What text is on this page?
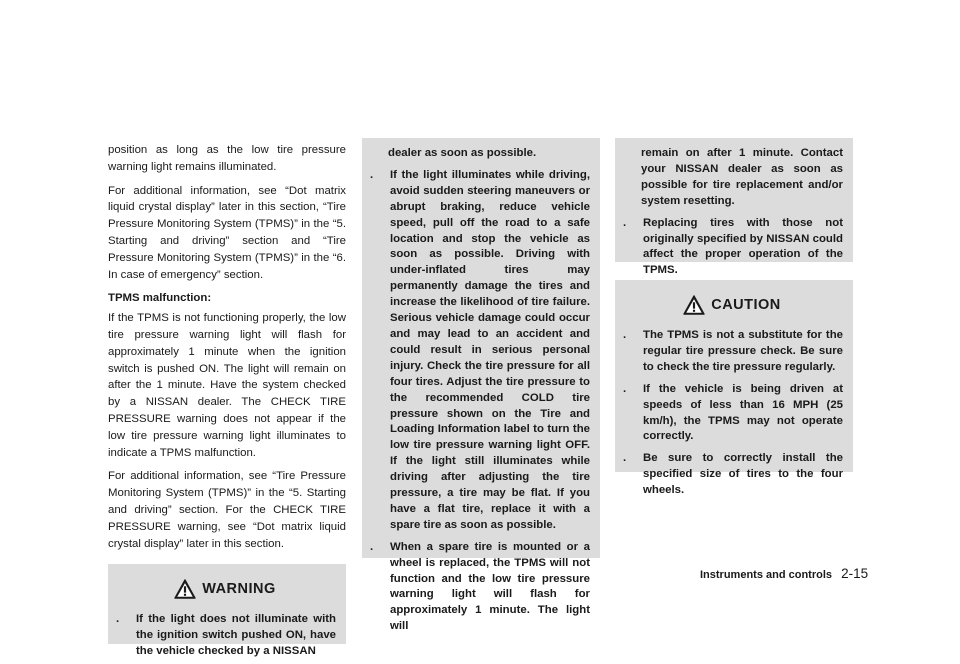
position as long as the low tire pressure warning light remains illuminated.

For additional information, see “Dot matrix liquid crystal display” later in this section, “Tire Pressure Monitoring System (TPMS)” in the “5. Starting and driving” section and “Tire Pressure Monitoring System (TPMS)” in the “6. In case of emergency” section.

TPMS malfunction:

If the TPMS is not functioning properly, the low tire pressure warning light will flash for approximately 1 minute when the ignition switch is pushed ON. The light will remain on after the 1 minute. Have the system checked by a NISSAN dealer. The CHECK TIRE PRESSURE warning does not appear if the low tire pressure warning light illuminates to indicate a TPMS malfunction.

For additional information, see “Tire Pressure Monitoring System (TPMS)” in the “5. Starting and driving” section. For the CHECK TIRE PRESSURE warning, see “Dot matrix liquid crystal display” later in this section.

WARNING
.	If the light does not illuminate with the ignition switch pushed ON, have the vehicle checked by a NISSAN
dealer as soon as possible.
.	If the light illuminates while driving, avoid sudden steering maneuvers or abrupt braking, reduce vehicle speed, pull off the road to a safe location and stop the vehicle as soon as possible. Driving with under-inflated tires may permanently damage the tires and increase the likelihood of tire failure. Serious vehicle damage could occur and may lead to an accident and could result in serious personal injury. Check the tire pressure for all four tires. Adjust the tire pressure to the recommended COLD tire pressure shown on the Tire and Loading Information label to turn the low tire pressure warning light OFF. If the light still illuminates while driving after adjusting the tire pressure, a tire may be flat. If you have a flat tire, replace it with a spare tire as soon as possible.
.	When a spare tire is mounted or a wheel is replaced, the TPMS will not function and the low tire pressure warning light will flash for approximately 1 minute. The light will
remain on after 1 minute. Contact your NISSAN dealer as soon as possible for tire replacement and/or system resetting.
.	Replacing tires with those not originally specified by NISSAN could affect the proper operation of the TPMS.
CAUTION
.	The TPMS is not a substitute for the regular tire pressure check. Be sure to check the tire pressure regularly.
.	If the vehicle is being driven at speeds of less than 16 MPH (25 km/h), the TPMS may not operate correctly.
.	Be sure to correctly install the specified size of tires to the four wheels.
Instruments and controls 2-15
